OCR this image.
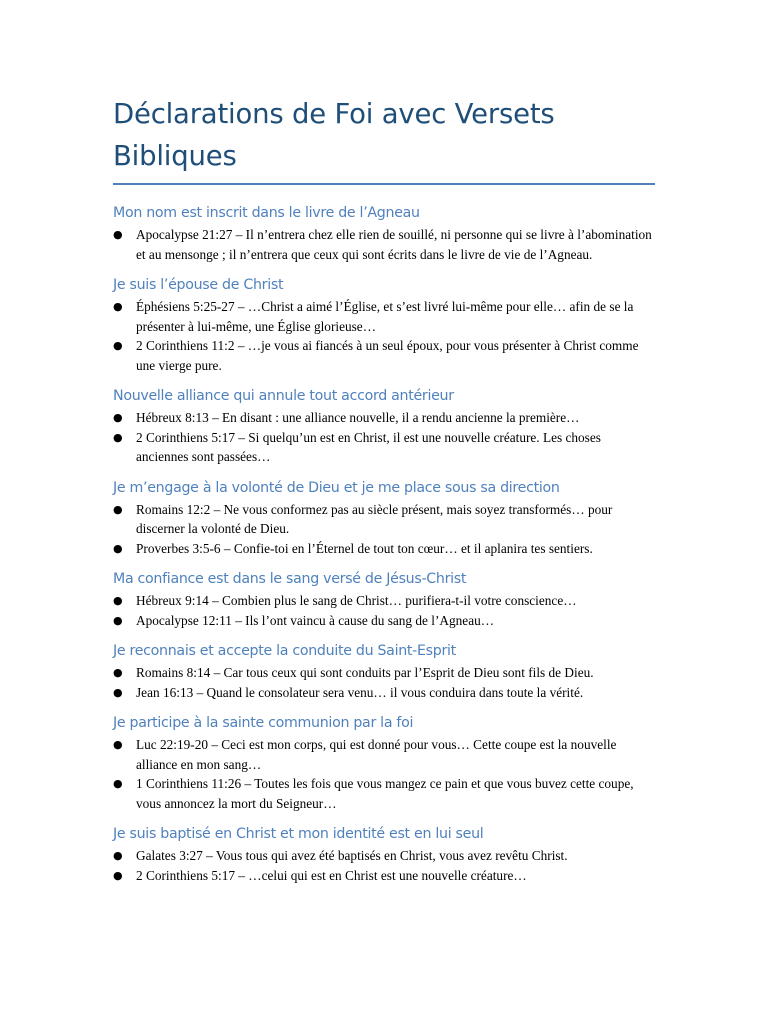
Déclarations de Foi avec Versets Bibliques
Mon nom est inscrit dans le livre de l’Agneau
● Apocalypse 21:27 – Il n’entrera chez elle rien de souillé, ni personne qui se livre à l’abomination et au mensonge ; il n’entrera que ceux qui sont écrits dans le livre de vie de l’Agneau.
Je suis l’épouse de Christ
● Éphésiens 5:25-27 – …Christ a aimé l’Église, et s’est livré lui-même pour elle… afin de se la présenter à lui-même, une Église glorieuse…
● 2 Corinthiens 11:2 – …je vous ai fiancés à un seul époux, pour vous présenter à Christ comme une vierge pure.
Nouvelle alliance qui annule tout accord antérieur
● Hébreux 8:13 – En disant : une alliance nouvelle, il a rendu ancienne la première…
● 2 Corinthiens 5:17 – Si quelqu’un est en Christ, il est une nouvelle créature. Les choses anciennes sont passées…
Je m’engage à la volonté de Dieu et je me place sous sa direction
● Romains 12:2 – Ne vous conformez pas au siècle présent, mais soyez transformés… pour discerner la volonté de Dieu.
● Proverbes 3:5-6 – Confie-toi en l’Éternel de tout ton cœur… et il aplanira tes sentiers.
Ma confiance est dans le sang versé de Jésus-Christ
● Hébreux 9:14 – Combien plus le sang de Christ… purifiera-t-il votre conscience…
● Apocalypse 12:11 – Ils l’ont vaincu à cause du sang de l’Agneau…
Je reconnais et accepte la conduite du Saint-Esprit
● Romains 8:14 – Car tous ceux qui sont conduits par l’Esprit de Dieu sont fils de Dieu.
● Jean 16:13 – Quand le consolateur sera venu… il vous conduira dans toute la vérité.
Je participe à la sainte communion par la foi
● Luc 22:19-20 – Ceci est mon corps, qui est donné pour vous… Cette coupe est la nouvelle alliance en mon sang…
● 1 Corinthiens 11:26 – Toutes les fois que vous mangez ce pain et que vous buvez cette coupe, vous annoncez la mort du Seigneur…
Je suis baptisé en Christ et mon identité est en lui seul
● Galates 3:27 – Vous tous qui avez été baptisés en Christ, vous avez revêtu Christ.
● 2 Corinthiens 5:17 – …celui qui est en Christ est une nouvelle créature…
